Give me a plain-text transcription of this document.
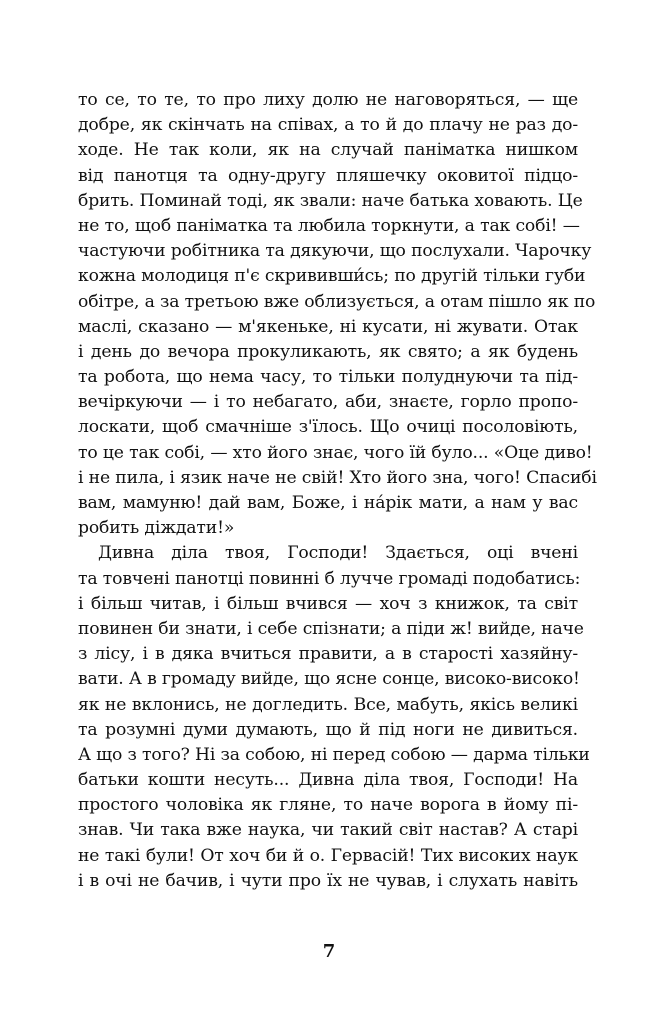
то се, то те, то про лиху долю не наговоряться, — ще
добре, як скінчать на співах, а то й до плачу не раз до-
ходе. Не так коли, як на случай паніматка нишком
від панотця та одну-другу пляшечку оковитої підцо-
брить. Поминай тоді, як звали: наче батька ховають. Це
не то, щоб паніматка та любила торкнути, а так собі! —
частуючи робітника та дякуючи, що послухали. Чарочку
кожна молодиця п'є скрививши́сь; по другій тільки губи
обітре, а за третьою вже облизується, а отам пішло як по
маслі, сказано — м'якеньке, ні кусати, ні жувати. Отак
і день до вечора прокуликають, як свято; а як будень
та робота, що нема часу, то тільки полуднуючи та під-
вечіркуючи — і то небагато, аби, знаєте, горло пропо-
лоскати, щоб смачніше з'їлось. Що очиці посоловіють,
то це так собі, — хто його знає, чого їй було... «Оце диво!
і не пила, і язик наче не свій! Хто його зна, чого! Спасибі
вам, мамуню! дай вам, Боже, і на́рік мати, а нам у вас
робить діждати!»
Дивна діла твоя, Господи! Здається, оці вчені
та товчені панотці повинні б лучче громаді подобатись:
і більш читав, і більш вчився — хоч з книжок, та світ
повинен би знати, і себе спізнати; а піди ж! вийде, наче
з лісу, і в дяка вчиться правити, а в старості хазяйну-
вати. А в громаду вийде, що ясне сонце, високо-високо!
як не вклонись, не догледить. Все, мабуть, якісь великі
та розумні думи думають, що й під ноги не дивиться.
А що з того? Ні за собою, ні перед собою — дарма тільки
батьки кошти несуть... Дивна діла твоя, Господи! На
простого чоловіка як гляне, то наче ворога в йому пі-
знав. Чи така вже наука, чи такий світ настав? А старі
не такі були! От хоч би й о. Гервасій! Тих високих наук
і в очі не бачив, і чути про їх не чував, і слухать навіть
7
